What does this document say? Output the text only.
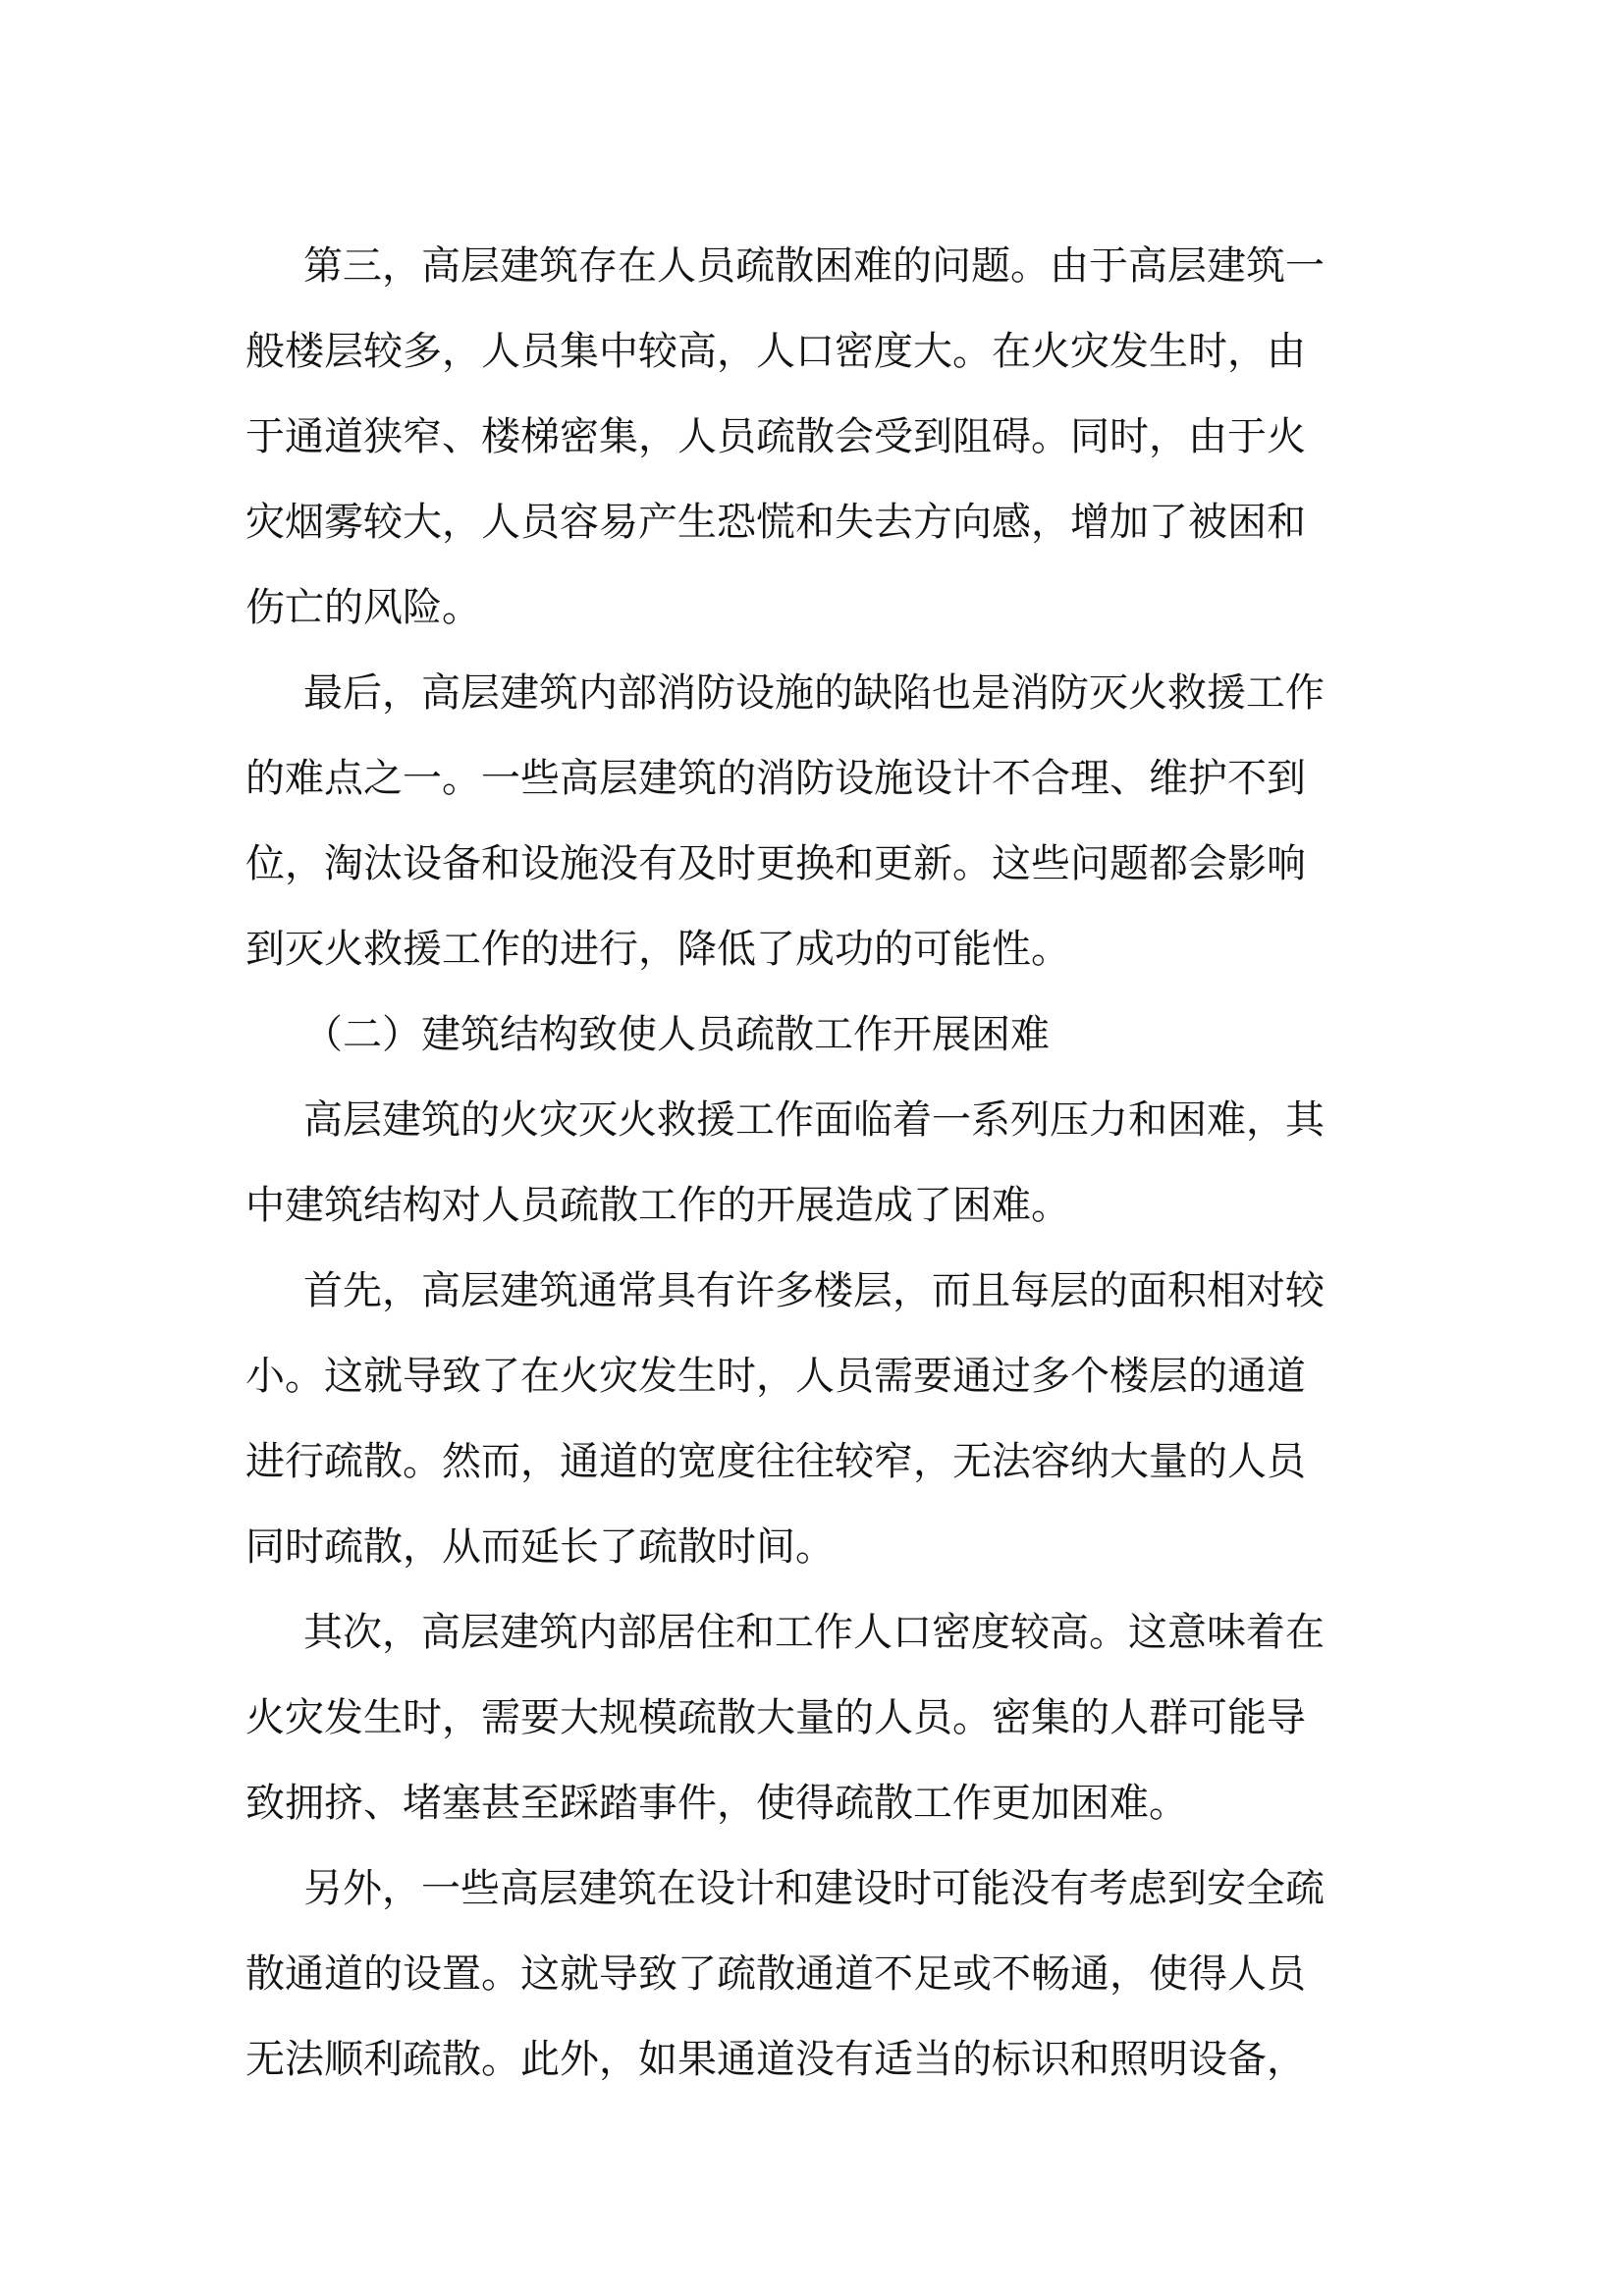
第三，高层建筑存在人员疏散困难的问题。由于高层建筑一
般楼层较多，人员集中较高，人口密度大。在火灾发生时，由
于通道狭窄、楼梯密集，人员疏散会受到阻碍。同时，由于火
灾烟雾较大，人员容易产生恐慌和失去方向感，增加了被困和
伤亡的风险。
最后，高层建筑内部消防设施的缺陷也是消防灭火救援工作
的难点之一。一些高层建筑的消防设施设计不合理、维护不到
位，淘汰设备和设施没有及时更换和更新。这些问题都会影响
到灭火救援工作的进行，降低了成功的可能性。
（二）建筑结构致使人员疏散工作开展困难
高层建筑的火灾灭火救援工作面临着一系列压力和困难，其
中建筑结构对人员疏散工作的开展造成了困难。
首先，高层建筑通常具有许多楼层，而且每层的面积相对较
小。这就导致了在火灾发生时，人员需要通过多个楼层的通道
进行疏散。然而，通道的宽度往往较窄，无法容纳大量的人员
同时疏散，从而延长了疏散时间。
其次，高层建筑内部居住和工作人口密度较高。这意味着在
火灾发生时，需要大规模疏散大量的人员。密集的人群可能导
致拥挤、堵塞甚至踩踏事件，使得疏散工作更加困难。
另外，一些高层建筑在设计和建设时可能没有考虑到安全疏
散通道的设置。这就导致了疏散通道不足或不畅通，使得人员
无法顺利疏散。此外，如果通道没有适当的标识和照明设备，
